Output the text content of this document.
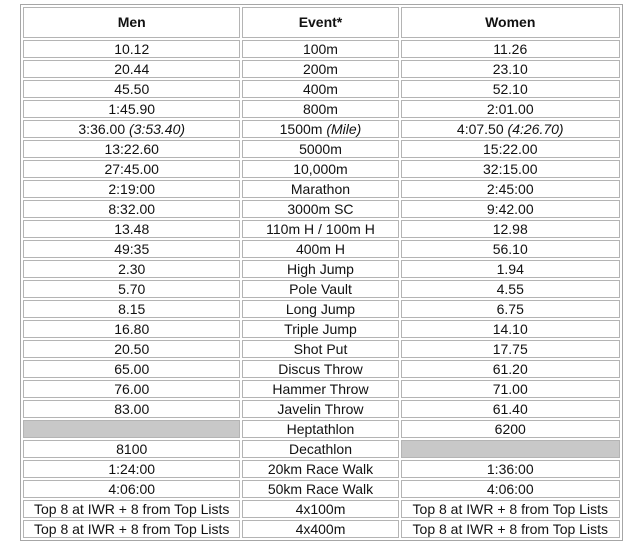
Men	Event*	Women
10.12	100m	11.26
20.44	200m	23.10
45.50	400m	52.10
1:45.90	800m	2:01.00
3:36.00 (3:53.40)	1500m (Mile)	4:07.50 (4:26.70)
13:22.60	5000m	15:22.00
27:45.00	10,000m	32:15.00
2:19:00	Marathon	2:45:00
8:32.00	3000m SC	9:42.00
13.48	110m H / 100m H	12.98
49:35	400m H	56.10
2.30	High Jump	1.94
5.70	Pole Vault	4.55
8.15	Long Jump	6.75
16.80	Triple Jump	14.10
20.50	Shot Put	17.75
65.00	Discus Throw	61.20
76.00	Hammer Throw	71.00
83.00	Javelin Throw	61.40
	Heptathlon	6200
8100	Decathlon	
1:24:00	20km Race Walk	1:36:00
4:06:00	50km Race Walk	4:06:00
Top 8 at IWR + 8 from Top Lists	4x100m	Top 8 at IWR + 8 from Top Lists
Top 8 at IWR + 8 from Top Lists	4x400m	Top 8 at IWR + 8 from Top Lists
